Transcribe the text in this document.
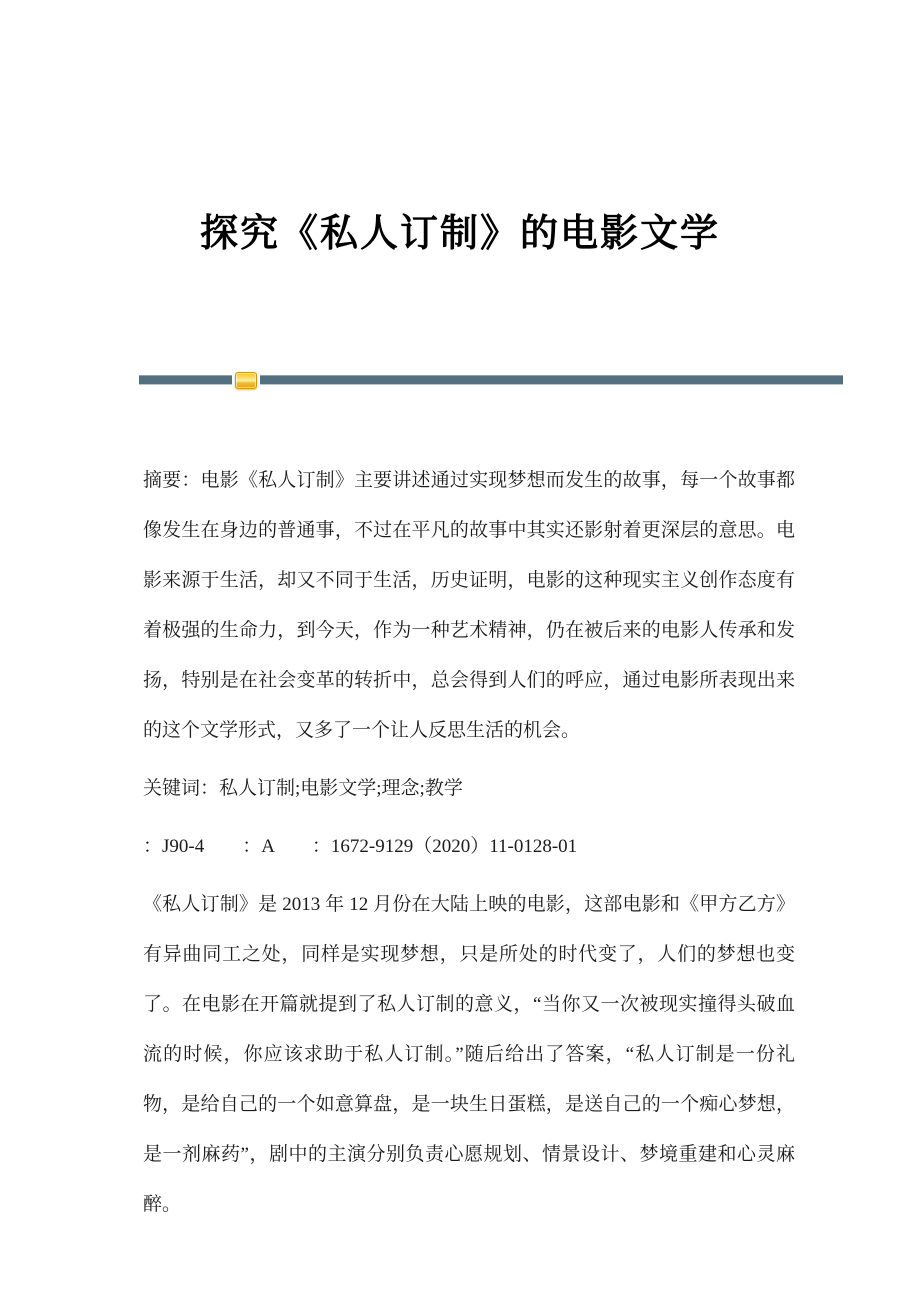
探究《私人订制》的电影文学

摘要：电影《私人订制》主要讲述通过实现梦想而发生的故事，每一个故事都像发生在身边的普通事，不过在平凡的故事中其实还影射着更深层的意思。电影来源于生活，却又不同于生活，历史证明，电影的这种现实主义创作态度有着极强的生命力，到今天，作为一种艺术精神，仍在被后来的电影人传承和发扬，特别是在社会变革的转折中，总会得到人们的呼应，通过电影所表现出来的这个文学形式，又多了一个让人反思生活的机会。

关键词：私人订制;电影文学;理念;教学

：J90-4　　：A　　：1672-9129（2020）11-0128-01

《私人订制》是 2013 年 12 月份在大陆上映的电影，这部电影和《甲方乙方》有异曲同工之处，同样是实现梦想，只是所处的时代变了，人们的梦想也变了。在电影在开篇就提到了私人订制的意义，“当你又一次被现实撞得头破血流的时候，你应该求助于私人订制。”随后给出了答案，“私人订制是一份礼物，是给自己的一个如意算盘，是一块生日蛋糕，是送自己的一个痴心梦想，是一剂麻药”，剧中的主演分别负责心愿规划、情景设计、梦境重建和心灵麻醉。
